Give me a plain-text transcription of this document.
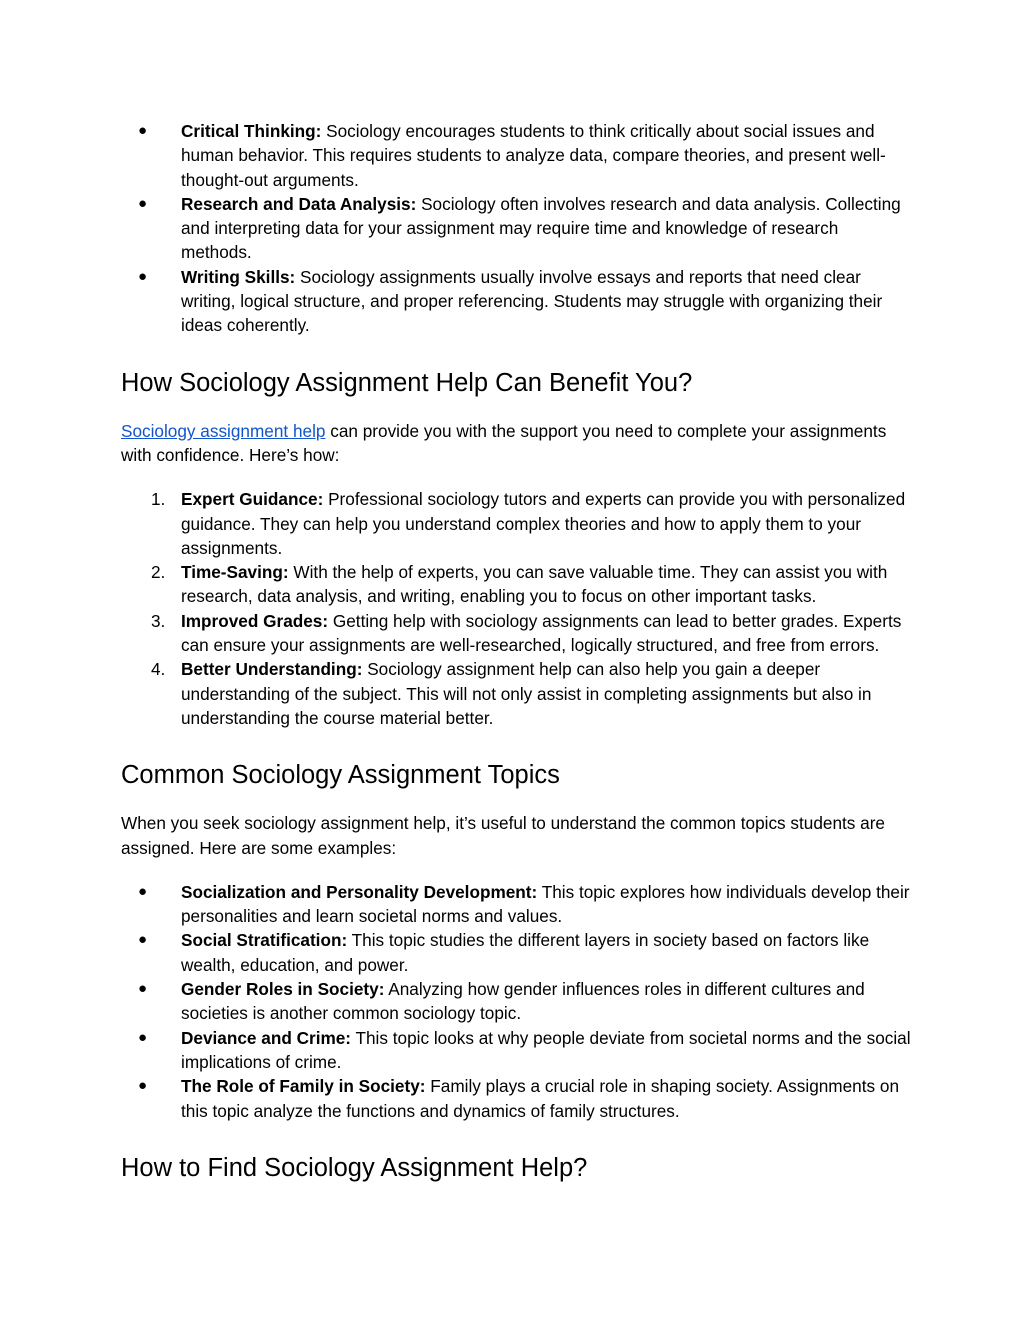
● Critical Thinking: Sociology encourages students to think critically about social issues and human behavior. This requires students to analyze data, compare theories, and present well-thought-out arguments.
● Research and Data Analysis: Sociology often involves research and data analysis. Collecting and interpreting data for your assignment may require time and knowledge of research methods.
● Writing Skills: Sociology assignments usually involve essays and reports that need clear writing, logical structure, and proper referencing. Students may struggle with organizing their ideas coherently.
How Sociology Assignment Help Can Benefit You?

Sociology assignment help can provide you with the support you need to complete your assignments with confidence. Here’s how:

1. Expert Guidance: Professional sociology tutors and experts can provide you with personalized guidance. They can help you understand complex theories and how to apply them to your assignments.
2. Time-Saving: With the help of experts, you can save valuable time. They can assist you with research, data analysis, and writing, enabling you to focus on other important tasks.
3. Improved Grades: Getting help with sociology assignments can lead to better grades. Experts can ensure your assignments are well-researched, logically structured, and free from errors.
4. Better Understanding: Sociology assignment help can also help you gain a deeper understanding of the subject. This will not only assist in completing assignments but also in understanding the course material better.
Common Sociology Assignment Topics

When you seek sociology assignment help, it’s useful to understand the common topics students are assigned. Here are some examples:

● Socialization and Personality Development: This topic explores how individuals develop their personalities and learn societal norms and values.
● Social Stratification: This topic studies the different layers in society based on factors like wealth, education, and power.
● Gender Roles in Society: Analyzing how gender influences roles in different cultures and societies is another common sociology topic.
● Deviance and Crime: This topic looks at why people deviate from societal norms and the social implications of crime.
● The Role of Family in Society: Family plays a crucial role in shaping society. Assignments on this topic analyze the functions and dynamics of family structures.
How to Find Sociology Assignment Help?
